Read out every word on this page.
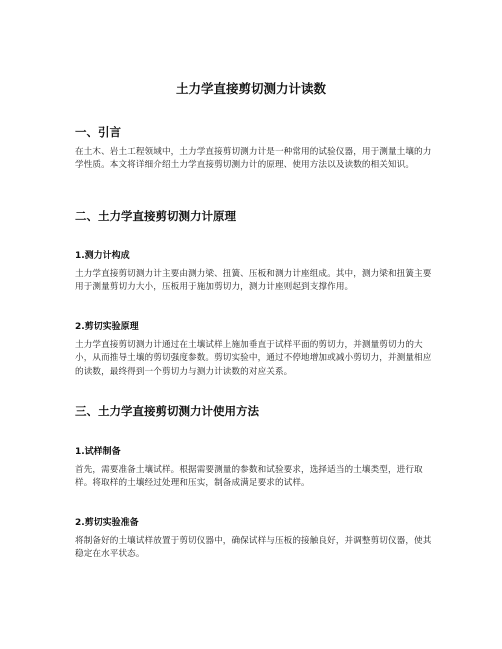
土力学直接剪切测力计读数
一、引言
在土木、岩土工程领域中，土力学直接剪切测力计是一种常用的试验仪器，用于测量土壤的力学性质。本文将详细介绍土力学直接剪切测力计的原理、使用方法以及读数的相关知识。
二、土力学直接剪切测力计原理
1.测力计构成
土力学直接剪切测力计主要由测力梁、扭簧、压板和测力计座组成。其中，测力梁和扭簧主要用于测量剪切力大小，压板用于施加剪切力，测力计座则起到支撑作用。
2.剪切实验原理
土力学直接剪切测力计通过在土壤试样上施加垂直于试样平面的剪切力，并测量剪切力的大小，从而推导土壤的剪切强度参数。剪切实验中，通过不停地增加或减小剪切力，并测量相应的读数，最终得到一个剪切力与测力计读数的对应关系。
三、土力学直接剪切测力计使用方法
1.试样制备
首先，需要准备土壤试样。根据需要测量的参数和试验要求，选择适当的土壤类型，进行取样。将取样的土壤经过处理和压实，制备成满足要求的试样。
2.剪切实验准备
将制备好的土壤试样放置于剪切仪器中，确保试样与压板的接触良好，并调整剪切仪器，使其稳定在水平状态。
